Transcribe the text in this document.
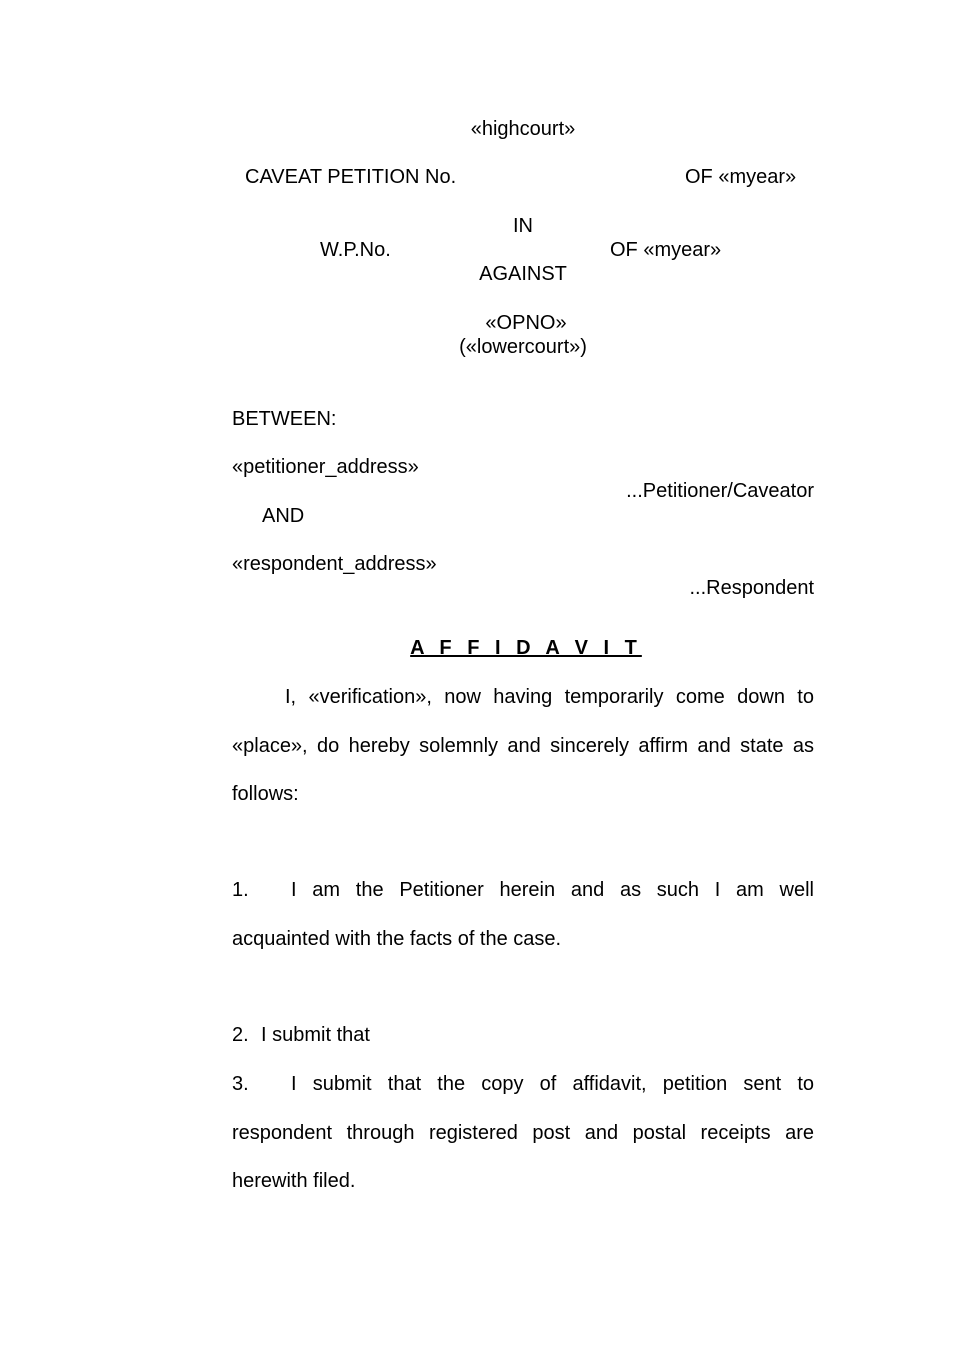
«highcourt»
CAVEAT PETITION No.	OF «myear»
IN
W.P.No.	OF «myear»
AGAINST
«OPNO»
(«lowercourt»)
BETWEEN:
«petitioner_address»
...Petitioner/Caveator
AND
«respondent_address»
...Respondent
A F F I D A V I T
I, «verification», now having temporarily come down to «place», do hereby solemnly and sincerely affirm and state as follows:
1. I am the Petitioner herein and as such I am well acquainted with the facts of the case.
2. I submit that
3. I submit that the copy of affidavit, petition sent to respondent through registered post and postal receipts are herewith filed.
